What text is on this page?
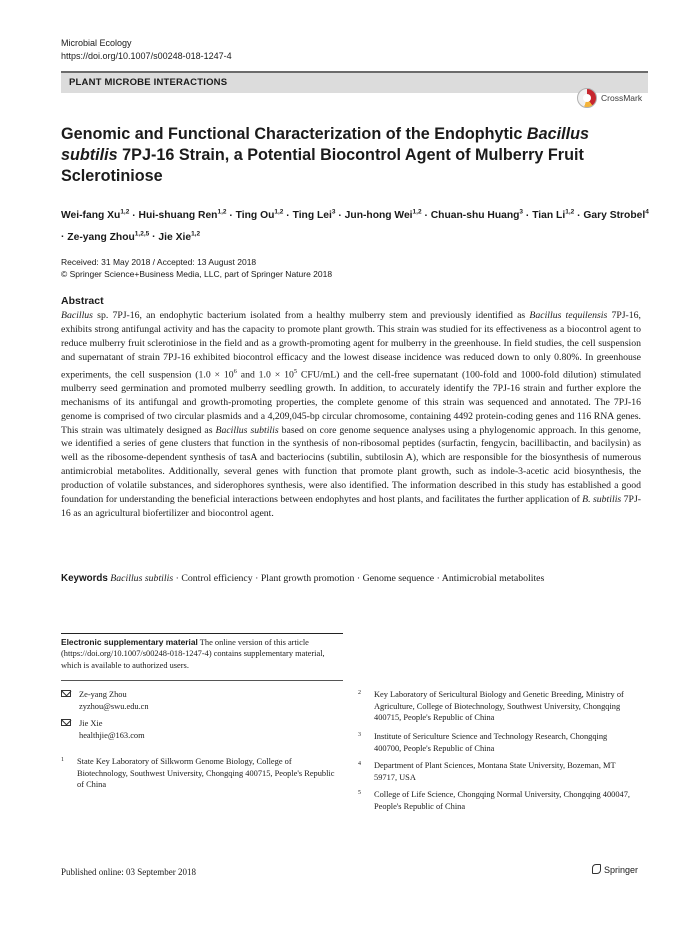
Microbial Ecology
https://doi.org/10.1007/s00248-018-1247-4
PLANT MICROBE INTERACTIONS
CrossMark
Genomic and Functional Characterization of the Endophytic Bacillus subtilis 7PJ-16 Strain, a Potential Biocontrol Agent of Mulberry Fruit Sclerotiniose
Wei-fang Xu$^{1,2}$ · Hui-shuang Ren$^{1,2}$ · Ting Ou$^{1,2}$ · Ting Lei$^3$ · Jun-hong Wei$^{1,2}$ · Chuan-shu Huang$^3$ · Tian Li$^{1,2}$ · Gary Strobel$^4$ · Ze-yang Zhou$^{1,2,5}$ · Jie Xie$^{1,2}$
Received: 31 May 2018 / Accepted: 13 August 2018
© Springer Science+Business Media, LLC, part of Springer Nature 2018
Abstract
Bacillus sp. 7PJ-16, an endophytic bacterium isolated from a healthy mulberry stem and previously identified as Bacillus tequilensis 7PJ-16, exhibits strong antifungal activity and has the capacity to promote plant growth. This strain was studied for its effectiveness as a biocontrol agent to reduce mulberry fruit sclerotiniose in the field and as a growth-promoting agent for mulberry in the greenhouse. In field studies, the cell suspension and supernatant of strain 7PJ-16 exhibited biocontrol efficacy and the lowest disease incidence was reduced down to only 0.80%. In greenhouse experiments, the cell suspension ($1.0 \times 10^6$ and $1.0 \times 10^5$ CFU/mL) and the cell-free supernatant (100-fold and 1000-fold dilution) stimulated mulberry seed germination and promoted mulberry seedling growth. In addition, to accurately identify the 7PJ-16 strain and further explore the mechanisms of its antifungal and growth-promoting properties, the complete genome of this strain was sequenced and annotated. The 7PJ-16 genome is comprised of two circular plasmids and a 4,209,045-bp circular chromosome, containing 4492 protein-coding genes and 116 RNA genes. This strain was ultimately designed as Bacillus subtilis based on core genome sequence analyses using a phylogenomic approach. In this genome, we identified a series of gene clusters that function in the synthesis of non-ribosomal peptides (surfactin, fengycin, bacillibactin, and bacilysin) as well as the ribosome-dependent synthesis of tasA and bacteriocins (subtilin, subtilosin A), which are responsible for the biosynthesis of numerous antimicrobial metabolites. Additionally, several genes with function that promote plant growth, such as indole-3-acetic acid biosynthesis, the production of volatile substances, and siderophores synthesis, were also identified. The information described in this study has established a good foundation for understanding the beneficial interactions between endophytes and host plants, and facilitates the further application of B. subtilis 7PJ-16 as an agricultural biofertilizer and biocontrol agent.
Keywords Bacillus subtilis · Control efficiency · Plant growth promotion · Genome sequence · Antimicrobial metabolites
Electronic supplementary material The online version of this article (https://doi.org/10.1007/s00248-018-1247-4) contains supplementary material, which is available to authorized users.
Ze-yang Zhou
zyzhou@swu.edu.cn
Jie Xie
healthjie@163.com
1 State Key Laboratory of Silkworm Genome Biology, College of Biotechnology, Southwest University, Chongqing 400715, People's Republic of China
2 Key Laboratory of Sericultural Biology and Genetic Breeding, Ministry of Agriculture, College of Biotechnology, Southwest University, Chongqing 400715, People's Republic of China
3 Institute of Sericulture Science and Technology Research, Chongqing 400700, People's Republic of China
4 Department of Plant Sciences, Montana State University, Bozeman, MT 59717, USA
5 College of Life Science, Chongqing Normal University, Chongqing 400047, People's Republic of China
Published online: 03 September 2018	Springer
